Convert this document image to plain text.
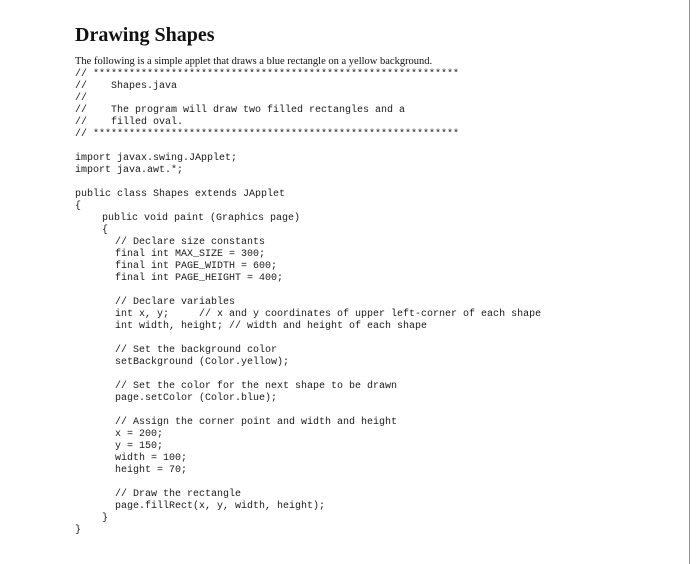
Drawing Shapes

The following is a simple applet that draws a blue rectangle on a yellow background.

// *************************************************************
//    Shapes.java
//
//    The program will draw two filled rectangles and a
//    filled oval.
// *************************************************************
import javax.swing.JApplet;
import java.awt.*;
public class Shapes extends JApplet
{
public void paint (Graphics page)
{
// Declare size constants
final int MAX_SIZE = 300;
final int PAGE_WIDTH = 600;
final int PAGE_HEIGHT = 400;
// Declare variables
int x, y;     // x and y coordinates of upper left-corner of each shape
int width, height; // width and height of each shape
// Set the background color
setBackground (Color.yellow);
// Set the color for the next shape to be drawn
page.setColor (Color.blue);
// Assign the corner point and width and height
x = 200;
y = 150;
width = 100;
height = 70;
// Draw the rectangle
page.fillRect(x, y, width, height);
}
}
